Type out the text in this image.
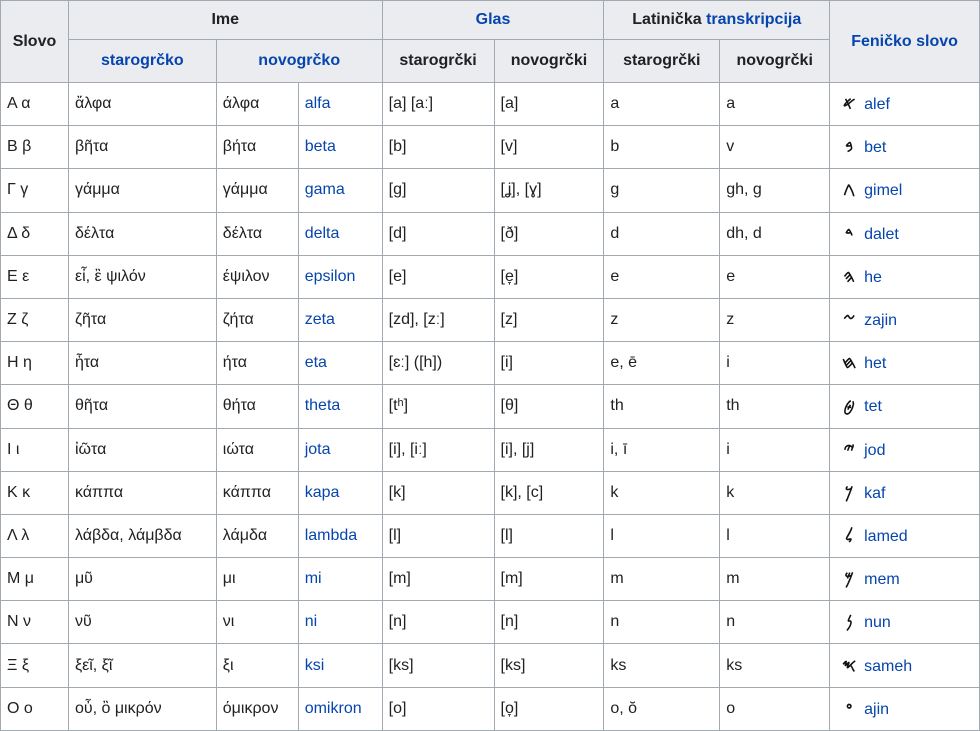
Slovo	Ime			Glas		Latinička transkripcija		Feničko slovo
	starogrčko	novogrčko		starogrčki	novogrčki	starogrčki	novogrčki	
Α α	ἄλφα	άλφα	alfa	[a] [aː]	[a]	a	a	𐤀 alef
Β β	βῆτα	βήτα	beta	[b]	[v]	b	v	𐤁 bet
Γ γ	γάμμα	γάμμα	gama	[g]	[ʝ], [ɣ]	g	gh, g	𐤂 gimel
Δ δ	δέλτα	δέλτα	delta	[d]	[ð]	d	dh, d	𐤃 dalet
Ε ε	εἶ, ἒ ψιλόν	έψιλον	epsilon	[e]	[e̞]	e	e	𐤄 he
Ζ ζ	ζῆτα	ζήτα	zeta	[zd], [zː]	[z]	z	z	𐤆 zajin
Η η	ἦτα	ήτα	eta	[ɛː] ([h])	[i]	e, ē	i	𐤇 het
Θ θ	θῆτα	θήτα	theta	[tʰ]	[θ]	th	th	𐤈 tet
Ι ι	ἰῶτα	ιώτα	jota	[i], [iː]	[i], [j]	i, ī	i	𐤉 jod
Κ κ	κάππα	κάππα	kapa	[k]	[k], [c]	k	k	𐤊 kaf
Λ λ	λάβδα, λάμβδα	λάμδα	lambda	[l]	[l]	l	l	𐤋 lamed
Μ μ	μῦ	μι	mi	[m]	[m]	m	m	𐤌 mem
Ν ν	νῦ	νι	ni	[n]	[n]	n	n	𐤍 nun
Ξ ξ	ξεῖ, ξῖ	ξι	ksi	[ks]	[ks]	ks	ks	𐤎 sameh
Ο ο	οὖ, ὂ μικρόν	όμικρον	omikron	[o]	[o̞]	o, ŏ	o	𐤏 ajin
